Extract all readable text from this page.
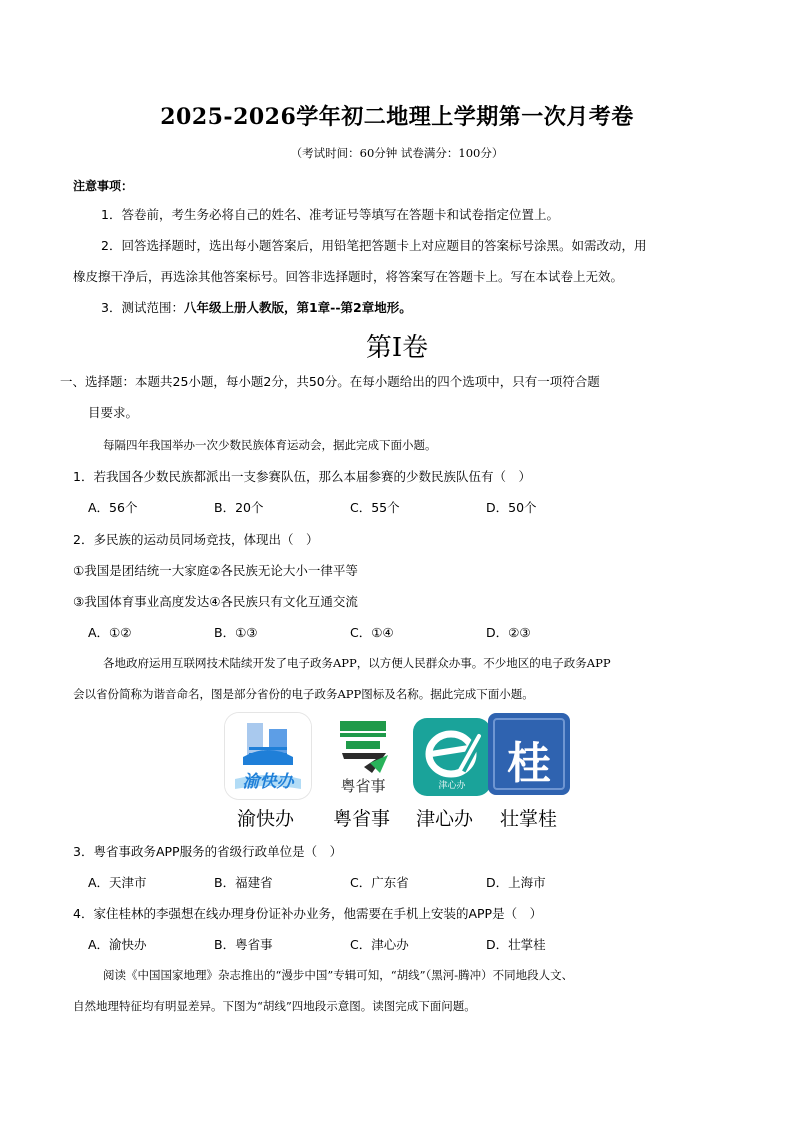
2025-2026学年初二地理上学期第一次月考卷
（考试时间：60分钟 试卷满分：100分）
注意事项：
1．答卷前，考生务必将自己的姓名、准考证号等填写在答题卡和试卷指定位置上。
2．回答选择题时，选出每小题答案后，用铅笔把答题卡上对应题目的答案标号涂黑。如需改动，用
橡皮擦干净后，再选涂其他答案标号。回答非选择题时，将答案写在答题卡上。写在本试卷上无效。
3．测试范围：八年级上册人教版，第1章--第2章地形。
第Ⅰ卷
一、选择题：本题共25小题，每小题2分，共50分。在每小题给出的四个选项中，只有一项符合题
目要求。
每隔四年我国举办一次少数民族体育运动会，据此完成下面小题。
1．若我国各少数民族都派出一支参赛队伍，那么本届参赛的少数民族队伍有（　）
A．56个	B．20个	C．55个	D．50个
2．多民族的运动员同场竞技，体现出（　）
①我国是团结统一大家庭②各民族无论大小一律平等
③我国体育事业高度发达④各民族只有文化互通交流
A．①②	B．①③	C．①④	D．②③
各地政府运用互联网技术陆续开发了电子政务APP，以方便人民群众办事。不少地区的电子政务APP
会以省份简称为谐音命名，图是部分省份的电子政务APP图标及名称。据此完成下面小题。
渝快办	粤省事	津心办 桂
渝快办 粤省事 津心办 壮掌桂
3．粤省事政务APP服务的省级行政单位是（　）
A．天津市	B．福建省	C．广东省	D．上海市
4．家住桂林的李强想在线办理身份证补办业务，他需要在手机上安装的APP是（　）
A．渝快办	B．粤省事	C．津心办	D．壮掌桂
阅读《中国国家地理》杂志推出的“漫步中国”专辑可知，“胡线”（黑河-腾冲）不同地段人文、
自然地理特征均有明显差异。下图为“胡线”四地段示意图。读图完成下面问题。
